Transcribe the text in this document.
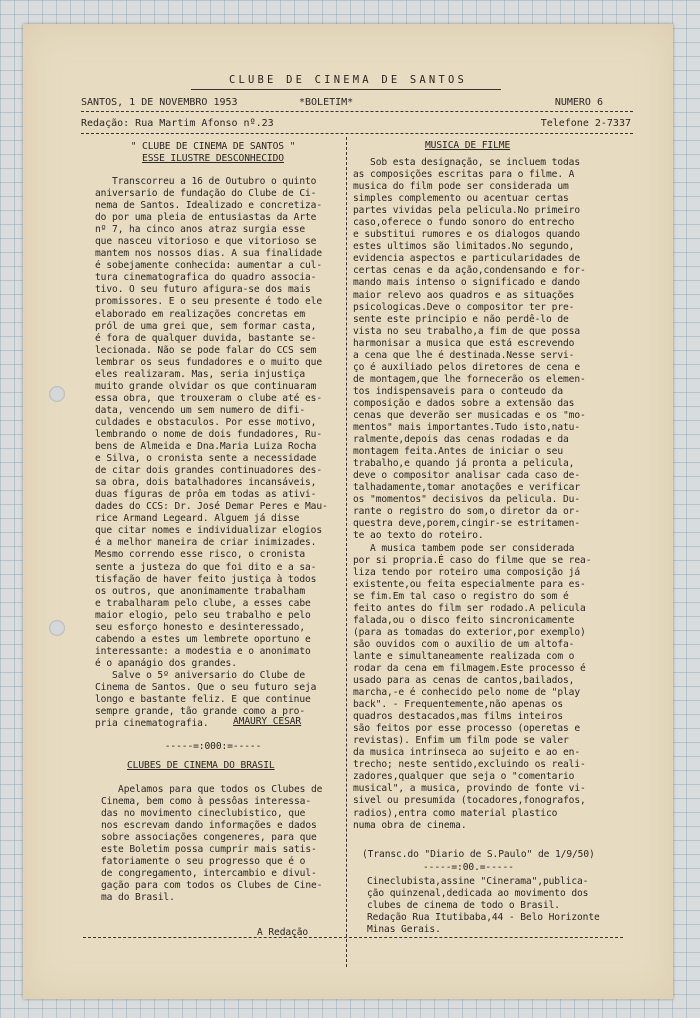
CLUBE DE CINEMA DE SANTOS
SANTOS, 1 DE NOVEMBRO 1953	*BOLETIM*	NUMERO 6
Redação: Rua Martim Afonso nº.23	Telefone 2-7337
" CLUBE DE CINEMA DE SANTOS "
ESSE ILUSTRE DESCONHECIDO
Transcorreu a 16 de Outubro o quinto
aniversario de fundação do Clube de Ci-
nema de Santos. Idealizado e concretiza-
do por uma pleia de entusiastas da Arte
nº 7, ha cinco anos atraz surgia esse
que nasceu vitorioso e que vitorioso se
mantem nos nossos dias. A sua finalidade
é sobejamente conhecida: aumentar a cul-
tura cinematografica do quadro associa-
tivo. O seu futuro afigura-se dos mais
promissores. E o seu presente é todo ele
elaborado em realizações concretas em
pról de uma grei que, sem formar casta,
é fora de qualquer duvida, bastante se-
lecionada. Não se pode falar do CCS sem
lembrar os seus fundadores e o muito que
eles realizaram. Mas, seria injustiça
muito grande olvidar os que continuaram
essa obra, que trouxeram o clube até es-
data, vencendo um sem numero de difi-
culdades e obstaculos. Por esse motivo,
lembrando o nome de dois fundadores, Ru-
bens de Almeida e Dna.Maria Luiza Rocha
e Silva, o cronista sente a necessidade
de citar dois grandes continuadores des-
sa obra, dois batalhadores incansáveis,
duas figuras de prôa em todas as ativi-
dades do CCS: Dr. José Demar Peres e Mau-
rice Armand Legeard. Alguem já disse
que citar nomes e individualizar elogios
é a melhor maneira de criar inimizades.
Mesmo correndo esse risco, o cronista
sente a justeza do que foi dito e a sa-
tisfação de haver feito justiça à todos
os outros, que anonimamente trabalham
e trabalharam pelo clube, a esses cabe
maior elogio, pelo seu trabalho e pelo
seu esforço honesto e desinteressado,
cabendo a estes um lembrete oportuno e
interessante: a modestia e o anonimato
é o apanágio dos grandes.
Salve o 5º aniversario do Clube de
Cinema de Santos. Que o seu futuro seja
longo e bastante feliz. E que continue
sempre grande, tão grande como a pro-
pria cinematografia.	AMAURY CESAR
-----=:000:=-----
CLUBES DE CINEMA DO BRASIL
Apelamos para que todos os Clubes de
Cinema, bem como à pessôas interessa-
das no movimento cineclubistico, que
nos escrevam dando informações e dados
sobre associações congeneres, para que
este Boletim possa cumprir mais satis-
fatoriamente o seu progresso que é o
de congregamento, intercambio e divul-
gação para com todos os Clubes de Cine-
ma do Brasil.
A Redação
MUSICA DE FILME
Sob esta designação, se incluem todas
as composições escritas para o filme. A
musica do film pode ser considerada um
simples complemento ou acentuar certas
partes vividas pela pelicula.No primeiro
caso,oferece o fundo sonoro do entrecho
e substitui rumores e os dialogos quando
estes ultimos são limitados.No segundo,
evidencia aspectos e particularidades de
certas cenas e da ação,condensando e for-
mando mais intenso o significado e dando
maior relevo aos quadros e as situações
psicologicas.Deve o compositor ter pre-
sente este principio e não perdê-lo de
vista no seu trabalho,a fim de que possa
harmonisar a musica que está escrevendo
a cena que lhe é destinada.Nesse servi-
ço é auxiliado pelos diretores de cena e
de montagem,que lhe fornecerão os elemen-
tos indispensaveis para o conteudo da
composição e dados sobre a extensão das
cenas que deverão ser musicadas e os "mo-
mentos" mais importantes.Tudo isto,natu-
ralmente,depois das cenas rodadas e da
montagem feita.Antes de iniciar o seu
trabalho,e quando já pronta a pelicula,
deve o compositor analisar cada caso de-
talhadamente,tomar anotações e verificar
os "momentos" decisivos da pelicula. Du-
rante o registro do som,o diretor da or-
questra deve,porem,cingir-se estritamen-
te ao texto do roteiro.
A musica tambem pode ser considerada
por si propria.É caso do filme que se rea-
liza tendo por roteiro uma composição já
existente,ou feita especialmente para es-
se fim.Em tal caso o registro do som é
feito antes do film ser rodado.A pelicula
falada,ou o disco feito sincronicamente
(para as tomadas do exterior,por exemplo)
são ouvidos com o auxilio de um altofa-
lante e simultaneamente realizada com o
rodar da cena em filmagem.Este processo é
usado para as cenas de cantos,bailados,
marcha,-e é conhecido pelo nome de "play
back". - Frequentemente,não apenas os
quadros destacados,mas films inteiros
são feitos por esse processo (operetas e
revistas). Enfim um film pode se valer
da musica intrinseca ao sujeito e ao en-
trecho; neste sentido,excluindo os reali-
zadores,qualquer que seja o "comentario
musical", a musica, provindo de fonte vi-
sivel ou presumida (tocadores,fonografos,
radios),entra como material plastico
numa obra de cinema.
(Transc.do "Diario de S.Paulo" de 1/9/50)
-----=:00.=-----
Cineclubista,assine "Cinerama",publica-
ção quinzenal,dedicada ao movimento dos
clubes de cinema de todo o Brasil.
Redação Rua Itutibaba,44 - Belo Horizonte
Minas Gerais.
